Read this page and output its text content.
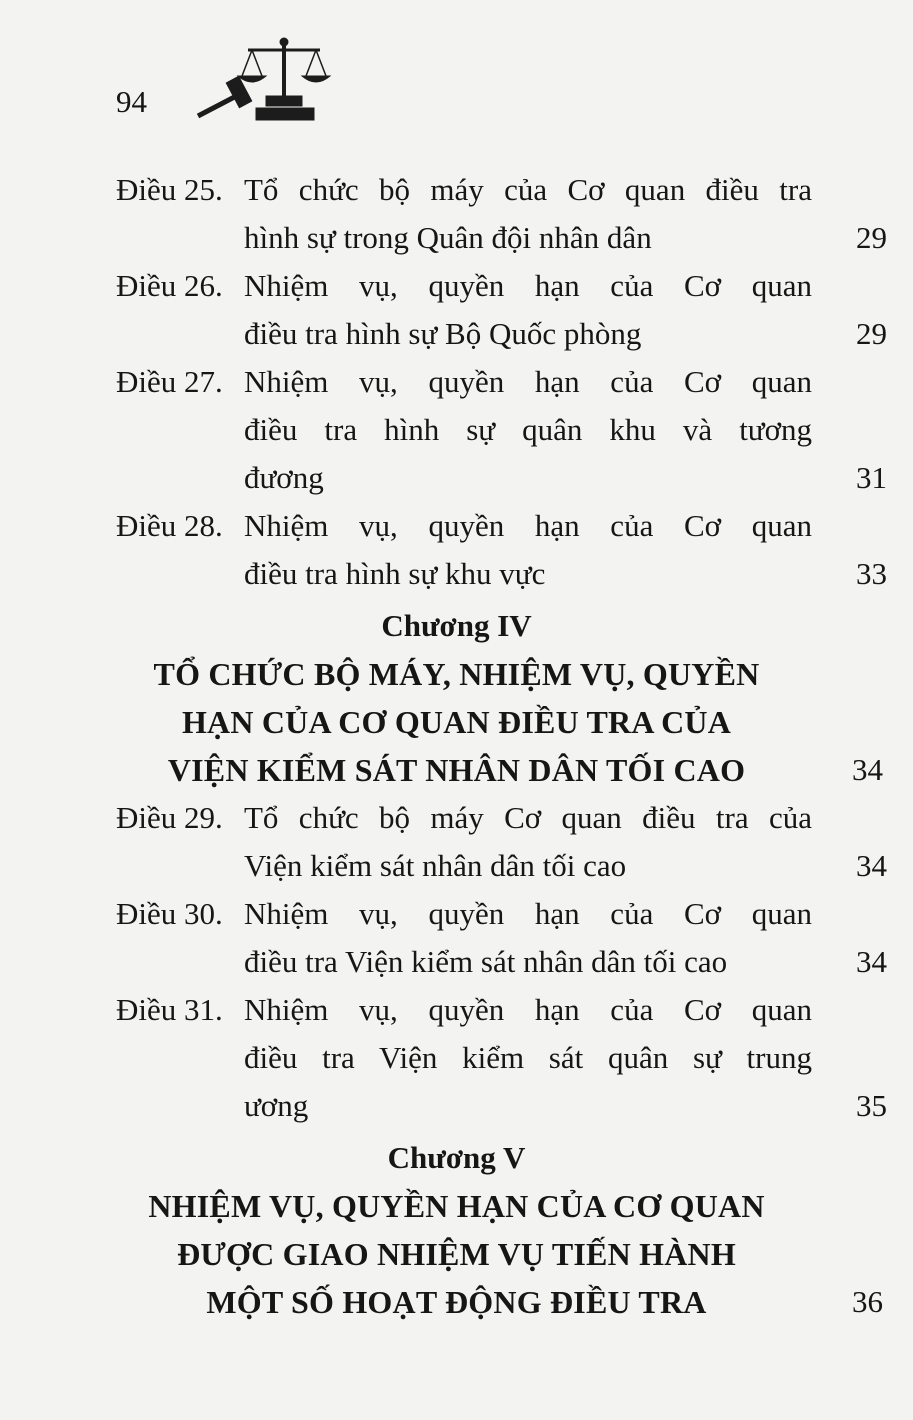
94
Điều 25. Tổ chức bộ máy của Cơ quan điều tra
hình sự trong Quân đội nhân dân	29
Điều 26. Nhiệm vụ, quyền hạn của Cơ quan
điều tra hình sự Bộ Quốc phòng	29
Điều 27. Nhiệm vụ, quyền hạn của Cơ quan
điều tra hình sự quân khu và tương
đương	31
Điều 28. Nhiệm vụ, quyền hạn của Cơ quan
điều tra hình sự khu vực	33
Chương IV
TỔ CHỨC BỘ MÁY, NHIỆM VỤ, QUYỀN
HẠN CỦA CƠ QUAN ĐIỀU TRA CỦA
VIỆN KIỂM SÁT NHÂN DÂN TỐI CAO	34
Điều 29. Tổ chức bộ máy Cơ quan điều tra của
Viện kiểm sát nhân dân tối cao	34
Điều 30. Nhiệm vụ, quyền hạn của Cơ quan
điều tra Viện kiểm sát nhân dân tối cao	34
Điều 31. Nhiệm vụ, quyền hạn của Cơ quan
điều tra Viện kiểm sát quân sự trung
ương	35
Chương V
NHIỆM VỤ, QUYỀN HẠN CỦA CƠ QUAN
ĐƯỢC GIAO NHIỆM VỤ TIẾN HÀNH
MỘT SỐ HOẠT ĐỘNG ĐIỀU TRA	36
